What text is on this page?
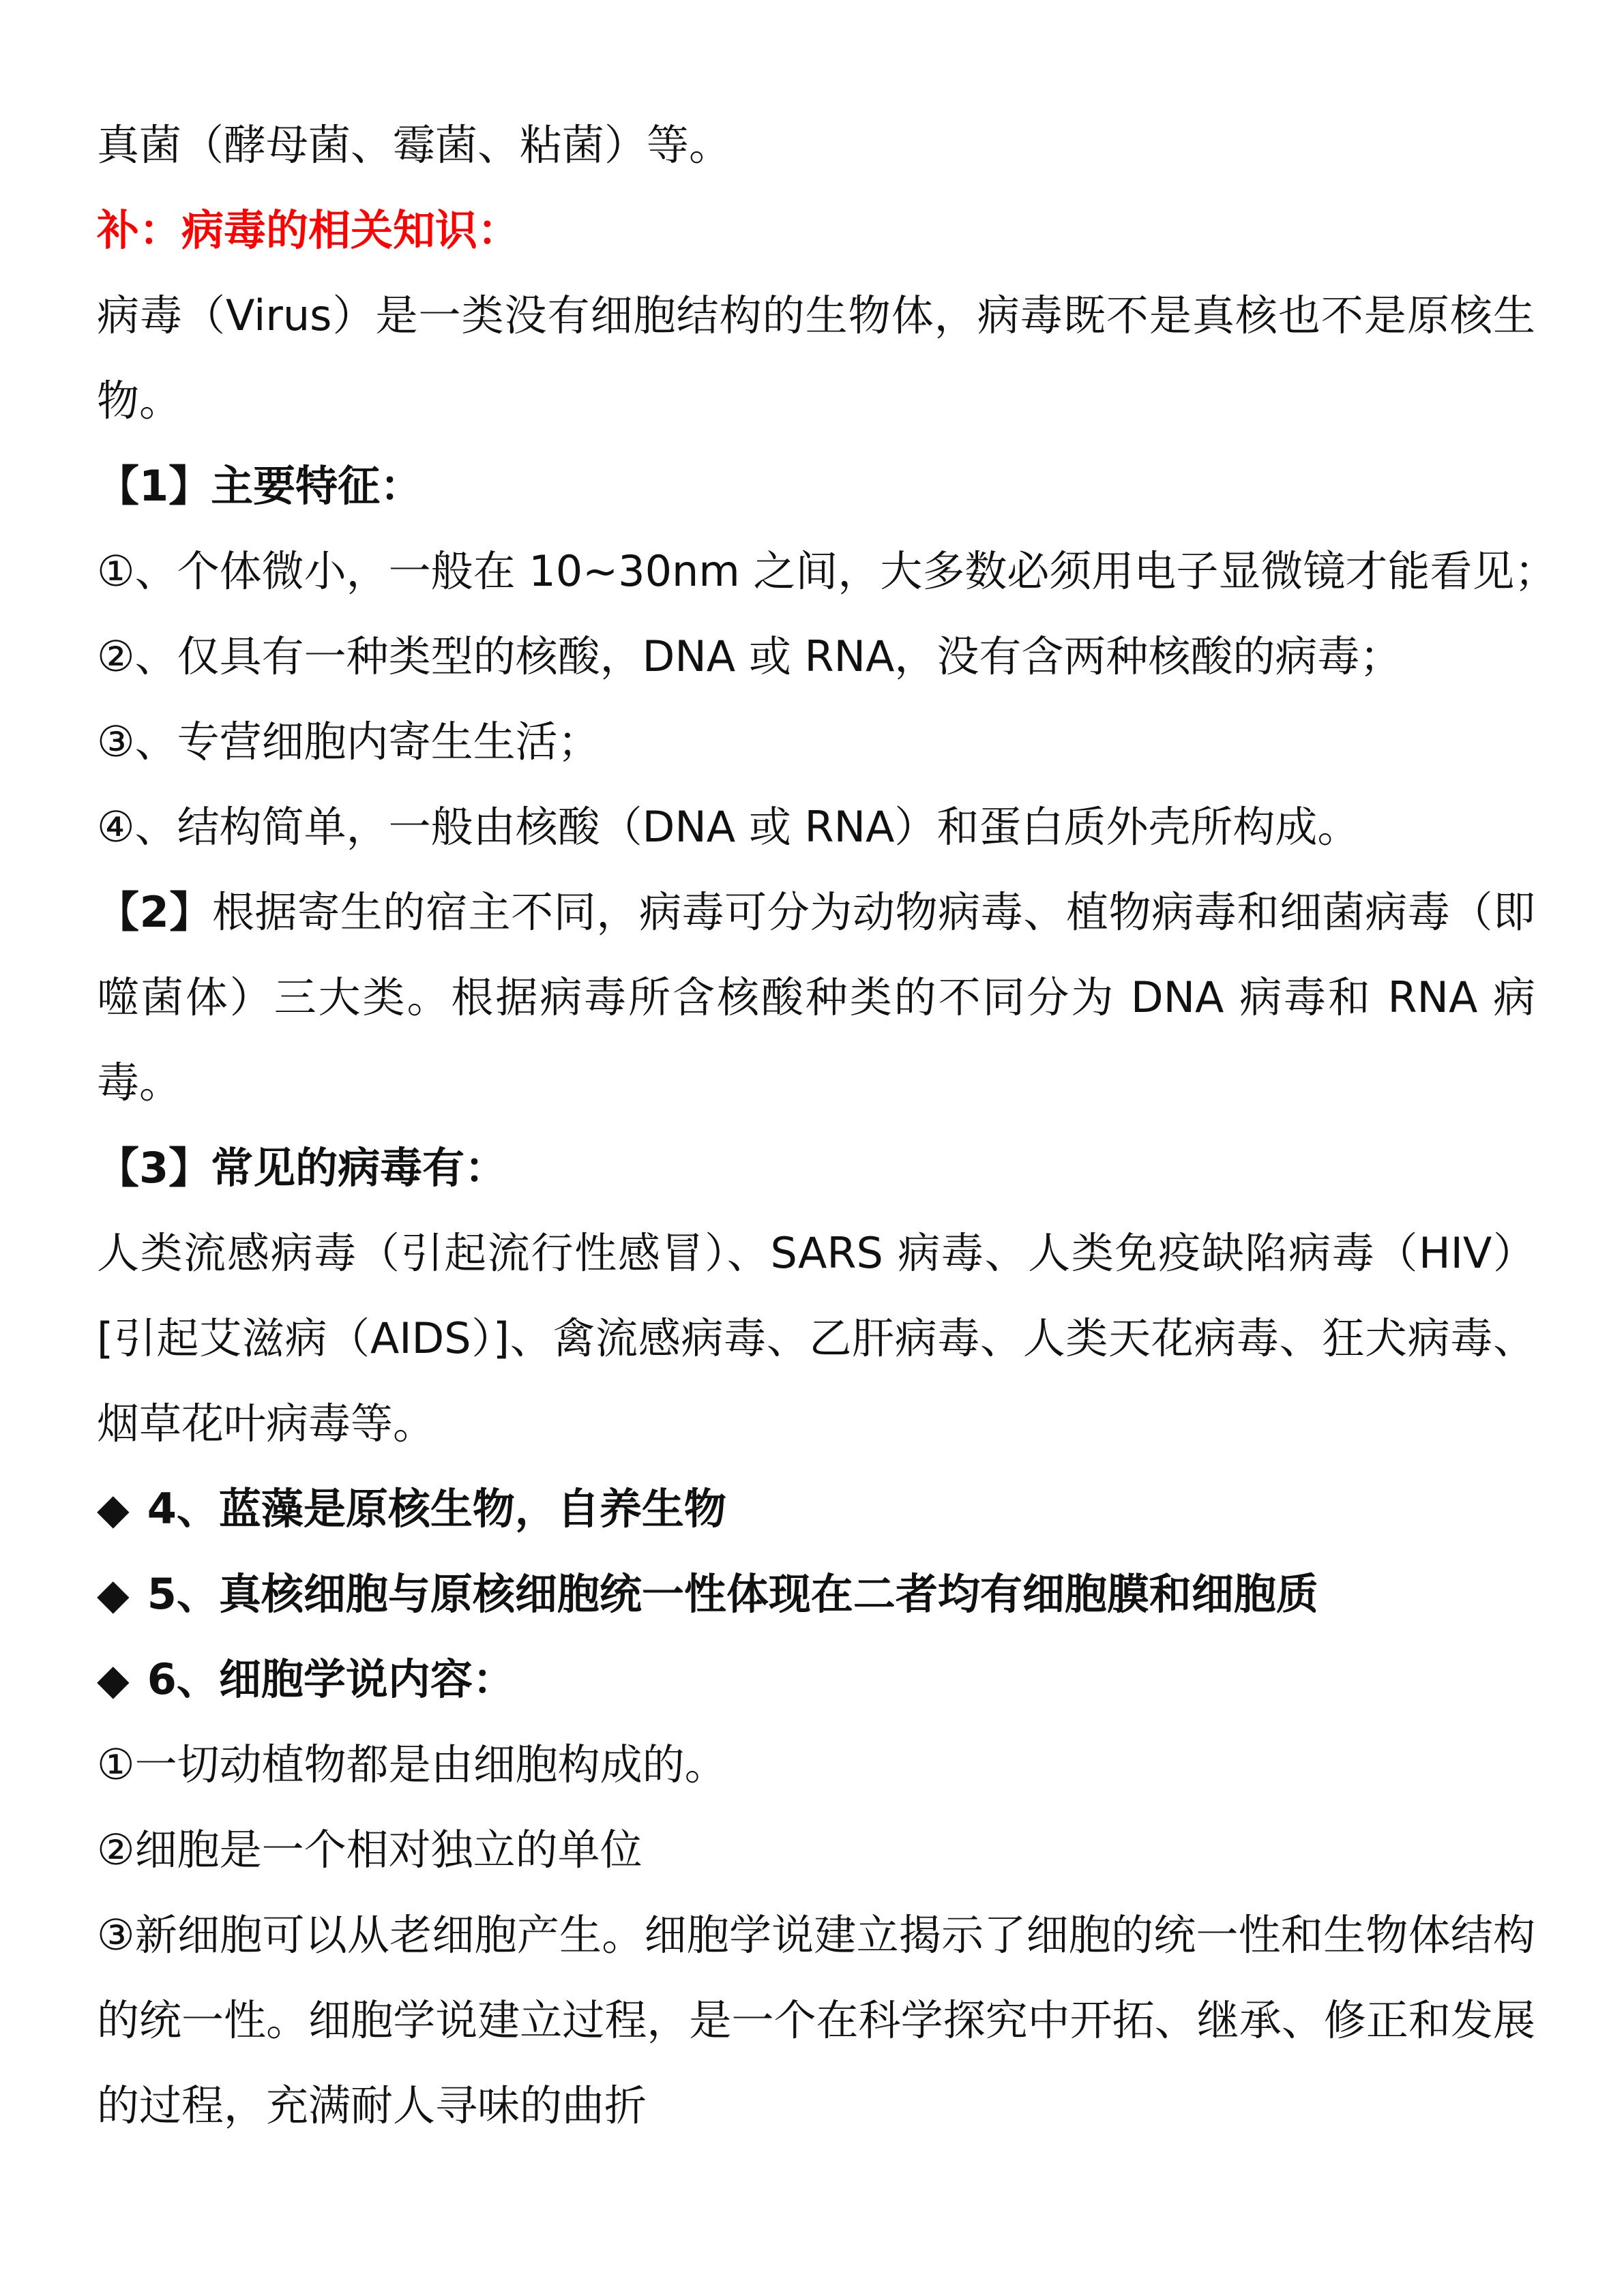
真菌（酵母菌、霉菌、粘菌）等。

补：病毒的相关知识：

病毒（Virus）是一类没有细胞结构的生物体，病毒既不是真核也不是原核生物。

【1】主要特征：

①、个体微小，一般在 10~30nm 之间，大多数必须用电子显微镜才能看见；

②、仅具有一种类型的核酸，DNA 或 RNA，没有含两种核酸的病毒；

③、专营细胞内寄生生活；

④、结构简单，一般由核酸（DNA 或 RNA）和蛋白质外壳所构成。

【2】根据寄生的宿主不同，病毒可分为动物病毒、植物病毒和细菌病毒（即噬菌体）三大类。根据病毒所含核酸种类的不同分为 DNA 病毒和 RNA 病毒。

【3】常见的病毒有：

人类流感病毒（引起流行性感冒）、SARS 病毒、人类免疫缺陷病毒（HIV）[引起艾滋病（AIDS）]、禽流感病毒、乙肝病毒、人类天花病毒、狂犬病毒、烟草花叶病毒等。

◆ 4、蓝藻是原核生物，自养生物

◆ 5、真核细胞与原核细胞统一性体现在二者均有细胞膜和细胞质

◆ 6、细胞学说内容：

①一切动植物都是由细胞构成的。

②细胞是一个相对独立的单位

③新细胞可以从老细胞产生。细胞学说建立揭示了细胞的统一性和生物体结构的统一性。细胞学说建立过程，是一个在科学探究中开拓、继承、修正和发展的过程，充满耐人寻味的曲折
